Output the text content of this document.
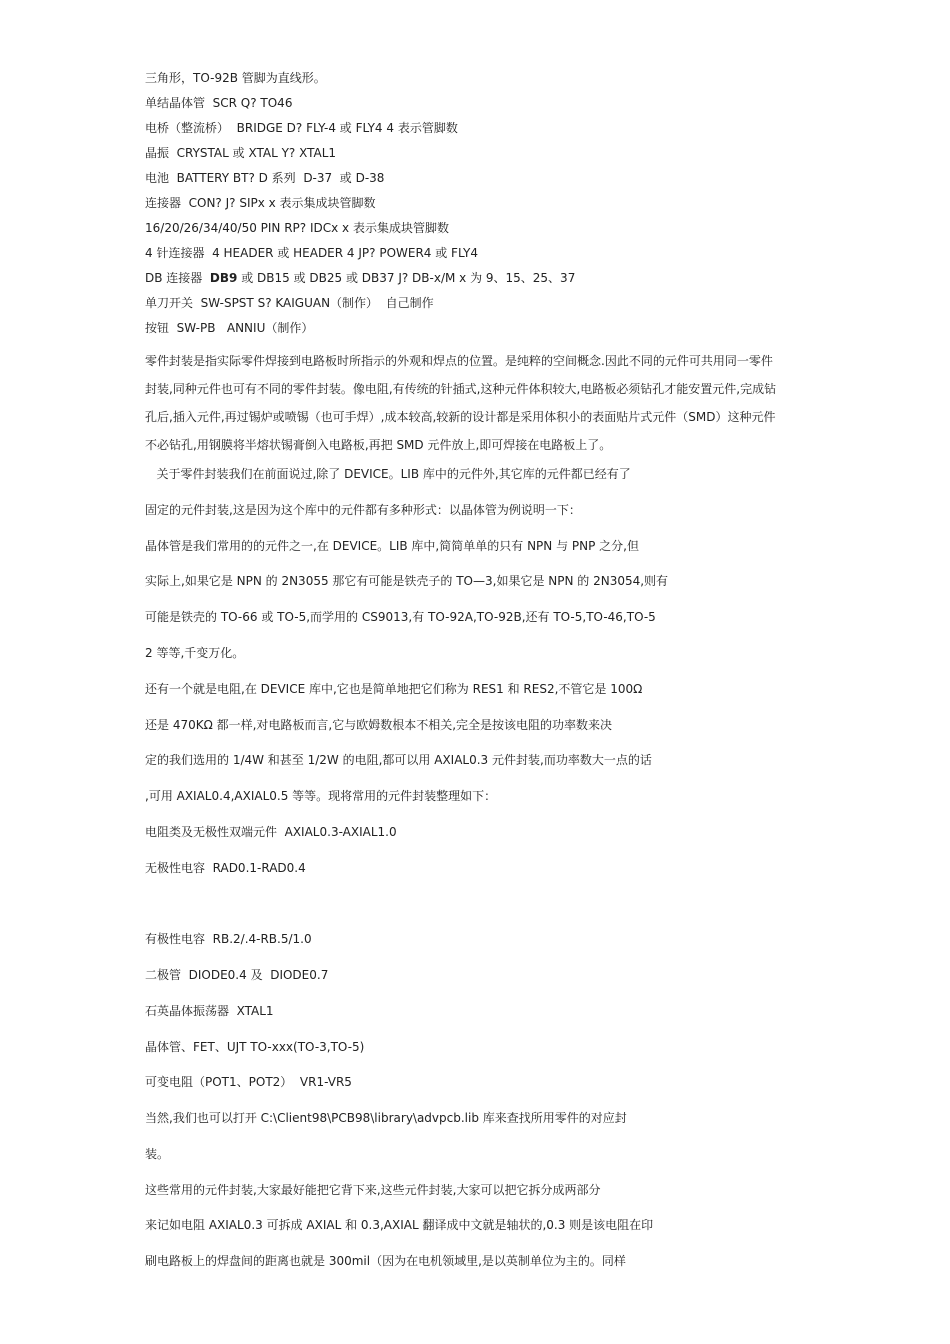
三角形，TO-92B 管脚为直线形。
单结晶体管  SCR Q? TO46
电桥（整流桥）  BRIDGE D? FLY-4 或 FLY4 4 表示管脚数
晶振  CRYSTAL 或 XTAL Y? XTAL1
电池  BATTERY BT? D 系列  D-37  或 D-38
连接器  CON? J? SIPx x 表示集成块管脚数
16/20/26/34/40/50 PIN RP? IDCx x 表示集成块管脚数
4 针连接器  4 HEADER 或 HEADER 4 JP? POWER4 或 FLY4
DB 连接器  DB9 或 DB15 或 DB25 或 DB37 J? DB-x/M x 为 9、15、25、37
单刀开关  SW-SPST S? KAIGUAN（制作）  自己制作
按钮  SW-PB   ANNIU（制作）
零件封装是指实际零件焊接到电路板时所指示的外观和焊点的位置。是纯粹的空间概念.因此不同的元件可共用同一零件
封装,同种元件也可有不同的零件封装。像电阻,有传统的针插式,这种元件体积较大,电路板必须钻孔才能安置元件,完成钻
孔后,插入元件,再过锡炉或喷锡（也可手焊）,成本较高,较新的设计都是采用体积小的表面贴片式元件（SMD）这种元件
不必钻孔,用钢膜将半熔状锡膏倒入电路板,再把 SMD 元件放上,即可焊接在电路板上了。
关于零件封装我们在前面说过,除了 DEVICE。LIB 库中的元件外,其它库的元件都已经有了
固定的元件封装,这是因为这个库中的元件都有多种形式：以晶体管为例说明一下：
晶体管是我们常用的的元件之一,在 DEVICE。LIB 库中,简简单单的只有 NPN 与 PNP 之分,但
实际上,如果它是 NPN 的 2N3055 那它有可能是铁壳子的 TO—3,如果它是 NPN 的 2N3054,则有
可能是铁壳的 TO-66 或 TO-5,而学用的 CS9013,有 TO-92A,TO-92B,还有 TO-5,TO-46,TO-5
2 等等,千变万化。
还有一个就是电阻,在 DEVICE 库中,它也是简单地把它们称为 RES1 和 RES2,不管它是 100Ω
还是 470KΩ 都一样,对电路板而言,它与欧姆数根本不相关,完全是按该电阻的功率数来决
定的我们选用的 1/4W 和甚至 1/2W 的电阻,都可以用 AXIAL0.3 元件封装,而功率数大一点的话
,可用 AXIAL0.4,AXIAL0.5 等等。现将常用的元件封装整理如下：
电阻类及无极性双端元件  AXIAL0.3-AXIAL1.0
无极性电容  RAD0.1-RAD0.4
有极性电容  RB.2/.4-RB.5/1.0
二极管  DIODE0.4 及  DIODE0.7
石英晶体振荡器  XTAL1
晶体管、FET、UJT TO-xxx(TO-3,TO-5)
可变电阻（POT1、POT2）  VR1-VR5
当然,我们也可以打开 C:\Client98\PCB98\library\advpcb.lib 库来查找所用零件的对应封
装。
这些常用的元件封装,大家最好能把它背下来,这些元件封装,大家可以把它拆分成两部分
来记如电阻 AXIAL0.3 可拆成 AXIAL 和 0.3,AXIAL 翻译成中文就是轴状的,0.3 则是该电阻在印
刷电路板上的焊盘间的距离也就是 300mil（因为在电机领域里,是以英制单位为主的。同样
